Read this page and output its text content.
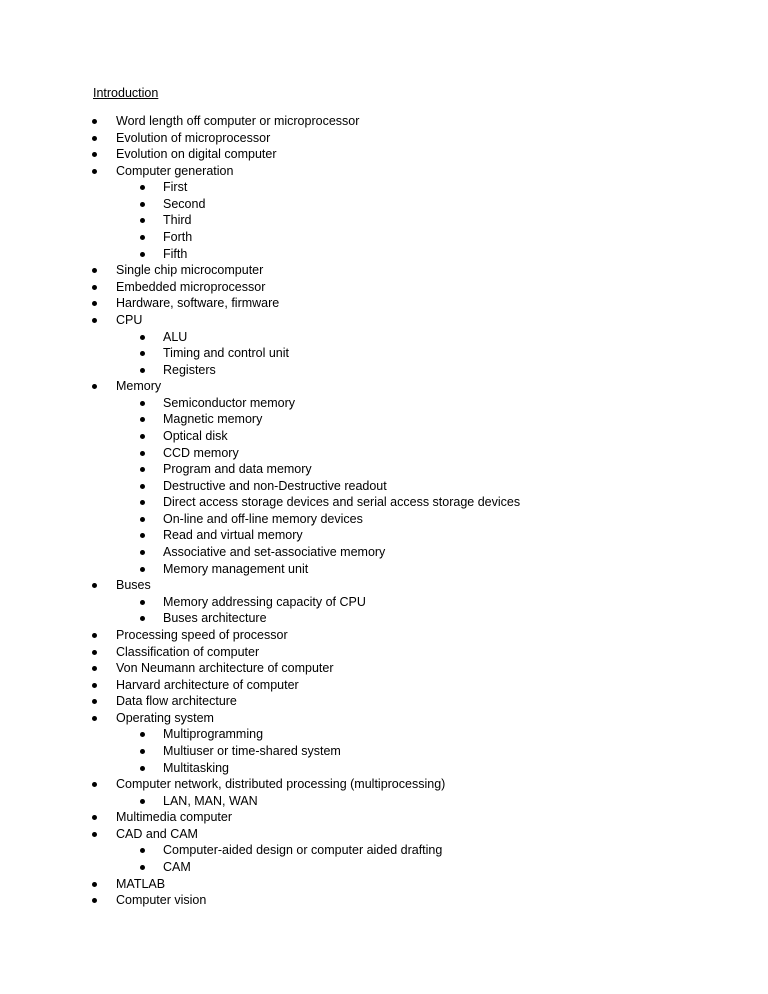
Introduction
Word length off computer or microprocessor
Evolution of microprocessor
Evolution on digital computer
Computer generation
First
Second
Third
Forth
Fifth
Single chip microcomputer
Embedded microprocessor
Hardware, software, firmware
CPU
ALU
Timing and control unit
Registers
Memory
Semiconductor memory
Magnetic memory
Optical disk
CCD memory
Program and data memory
Destructive and non-Destructive readout
Direct access storage devices and serial access storage devices
On-line and off-line memory devices
Read and virtual memory
Associative and set-associative memory
Memory management unit
Buses
Memory addressing capacity of CPU
Buses architecture
Processing speed of processor
Classification of computer
Von Neumann architecture of computer
Harvard architecture of computer
Data flow architecture
Operating system
Multiprogramming
Multiuser or time-shared system
Multitasking
Computer network, distributed processing (multiprocessing)
LAN, MAN, WAN
Multimedia computer
CAD and CAM
Computer-aided design or computer aided drafting
CAM
MATLAB
Computer vision
